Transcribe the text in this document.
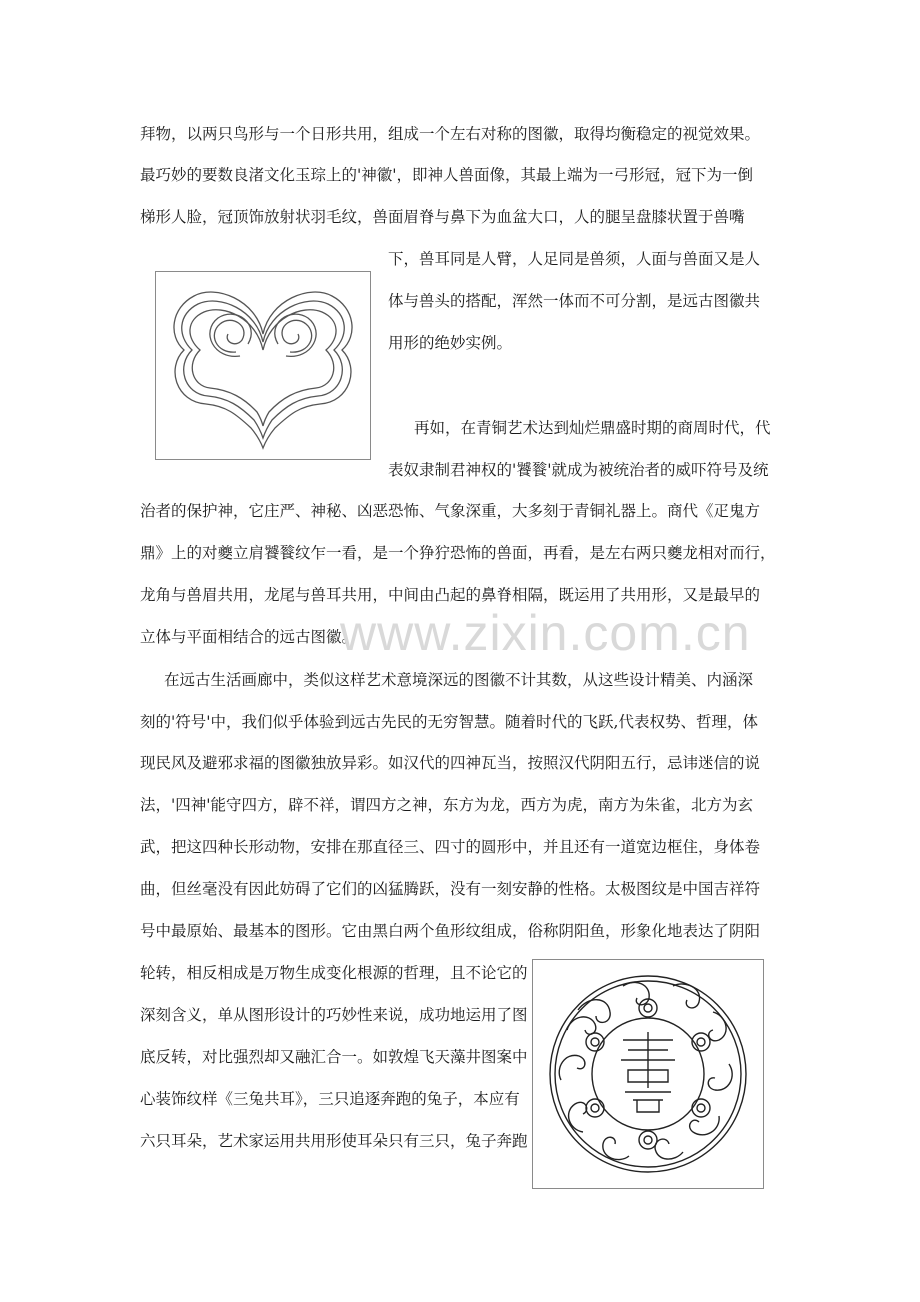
拜物，以两只鸟形与一个日形共用，组成一个左右对称的图徽，取得均衡稳定的视觉效果。
最巧妙的要数良渚文化玉琮上的'神徽'，即神人兽面像，其最上端为一弓形冠，冠下为一倒
梯形人脸，冠顶饰放射状羽毛纹，兽面眉脊与鼻下为血盆大口，人的腿呈盘膝状置于兽嘴
下，兽耳同是人臂，人足同是兽须，人面与兽面又是人
体与兽头的搭配，浑然一体而不可分割，是远古图徽共
用形的绝妙实例。
再如，在青铜艺术达到灿烂鼎盛时期的商周时代，代
表奴隶制君神权的'饕餮'就成为被统治者的威吓符号及统
治者的保护神，它庄严、神秘、凶恶恐怖、气象深重，大多刻于青铜礼器上。商代《疋鬼方
鼎》上的对夔立肩饕餮纹乍一看，是一个狰狞恐怖的兽面，再看，是左右两只夔龙相对而行，
龙角与兽眉共用，龙尾与兽耳共用，中间由凸起的鼻脊相隔，既运用了共用形，又是最早的
立体与平面相结合的远古图徽。
www.zixin.com.cn
在远古生活画廊中，类似这样艺术意境深远的图徽不计其数，从这些设计精美、内涵深
刻的'符号'中，我们似乎体验到远古先民的无穷智慧。随着时代的飞跃,代表权势、哲理，体
现民风及避邪求福的图徽独放异彩。如汉代的四神瓦当，按照汉代阴阳五行，忌讳迷信的说
法，'四神'能守四方，辟不祥，谓四方之神，东方为龙，西方为虎，南方为朱雀，北方为玄
武，把这四种长形动物，安排在那直径三、四寸的圆形中，并且还有一道宽边框住，身体卷
曲，但丝毫没有因此妨碍了它们的凶猛腾跃，没有一刻安静的性格。太极图纹是中国吉祥符
号中最原始、最基本的图形。它由黑白两个鱼形纹组成，俗称阴阳鱼，形象化地表达了阴阳
轮转，相反相成是万物生成变化根源的哲理，且不论它的
深刻含义，单从图形设计的巧妙性来说，成功地运用了图
底反转，对比强烈却又融汇合一。如敦煌飞天藻井图案中
心装饰纹样《三兔共耳》，三只追逐奔跑的兔子，本应有
六只耳朵，艺术家运用共用形使耳朵只有三只，兔子奔跑
